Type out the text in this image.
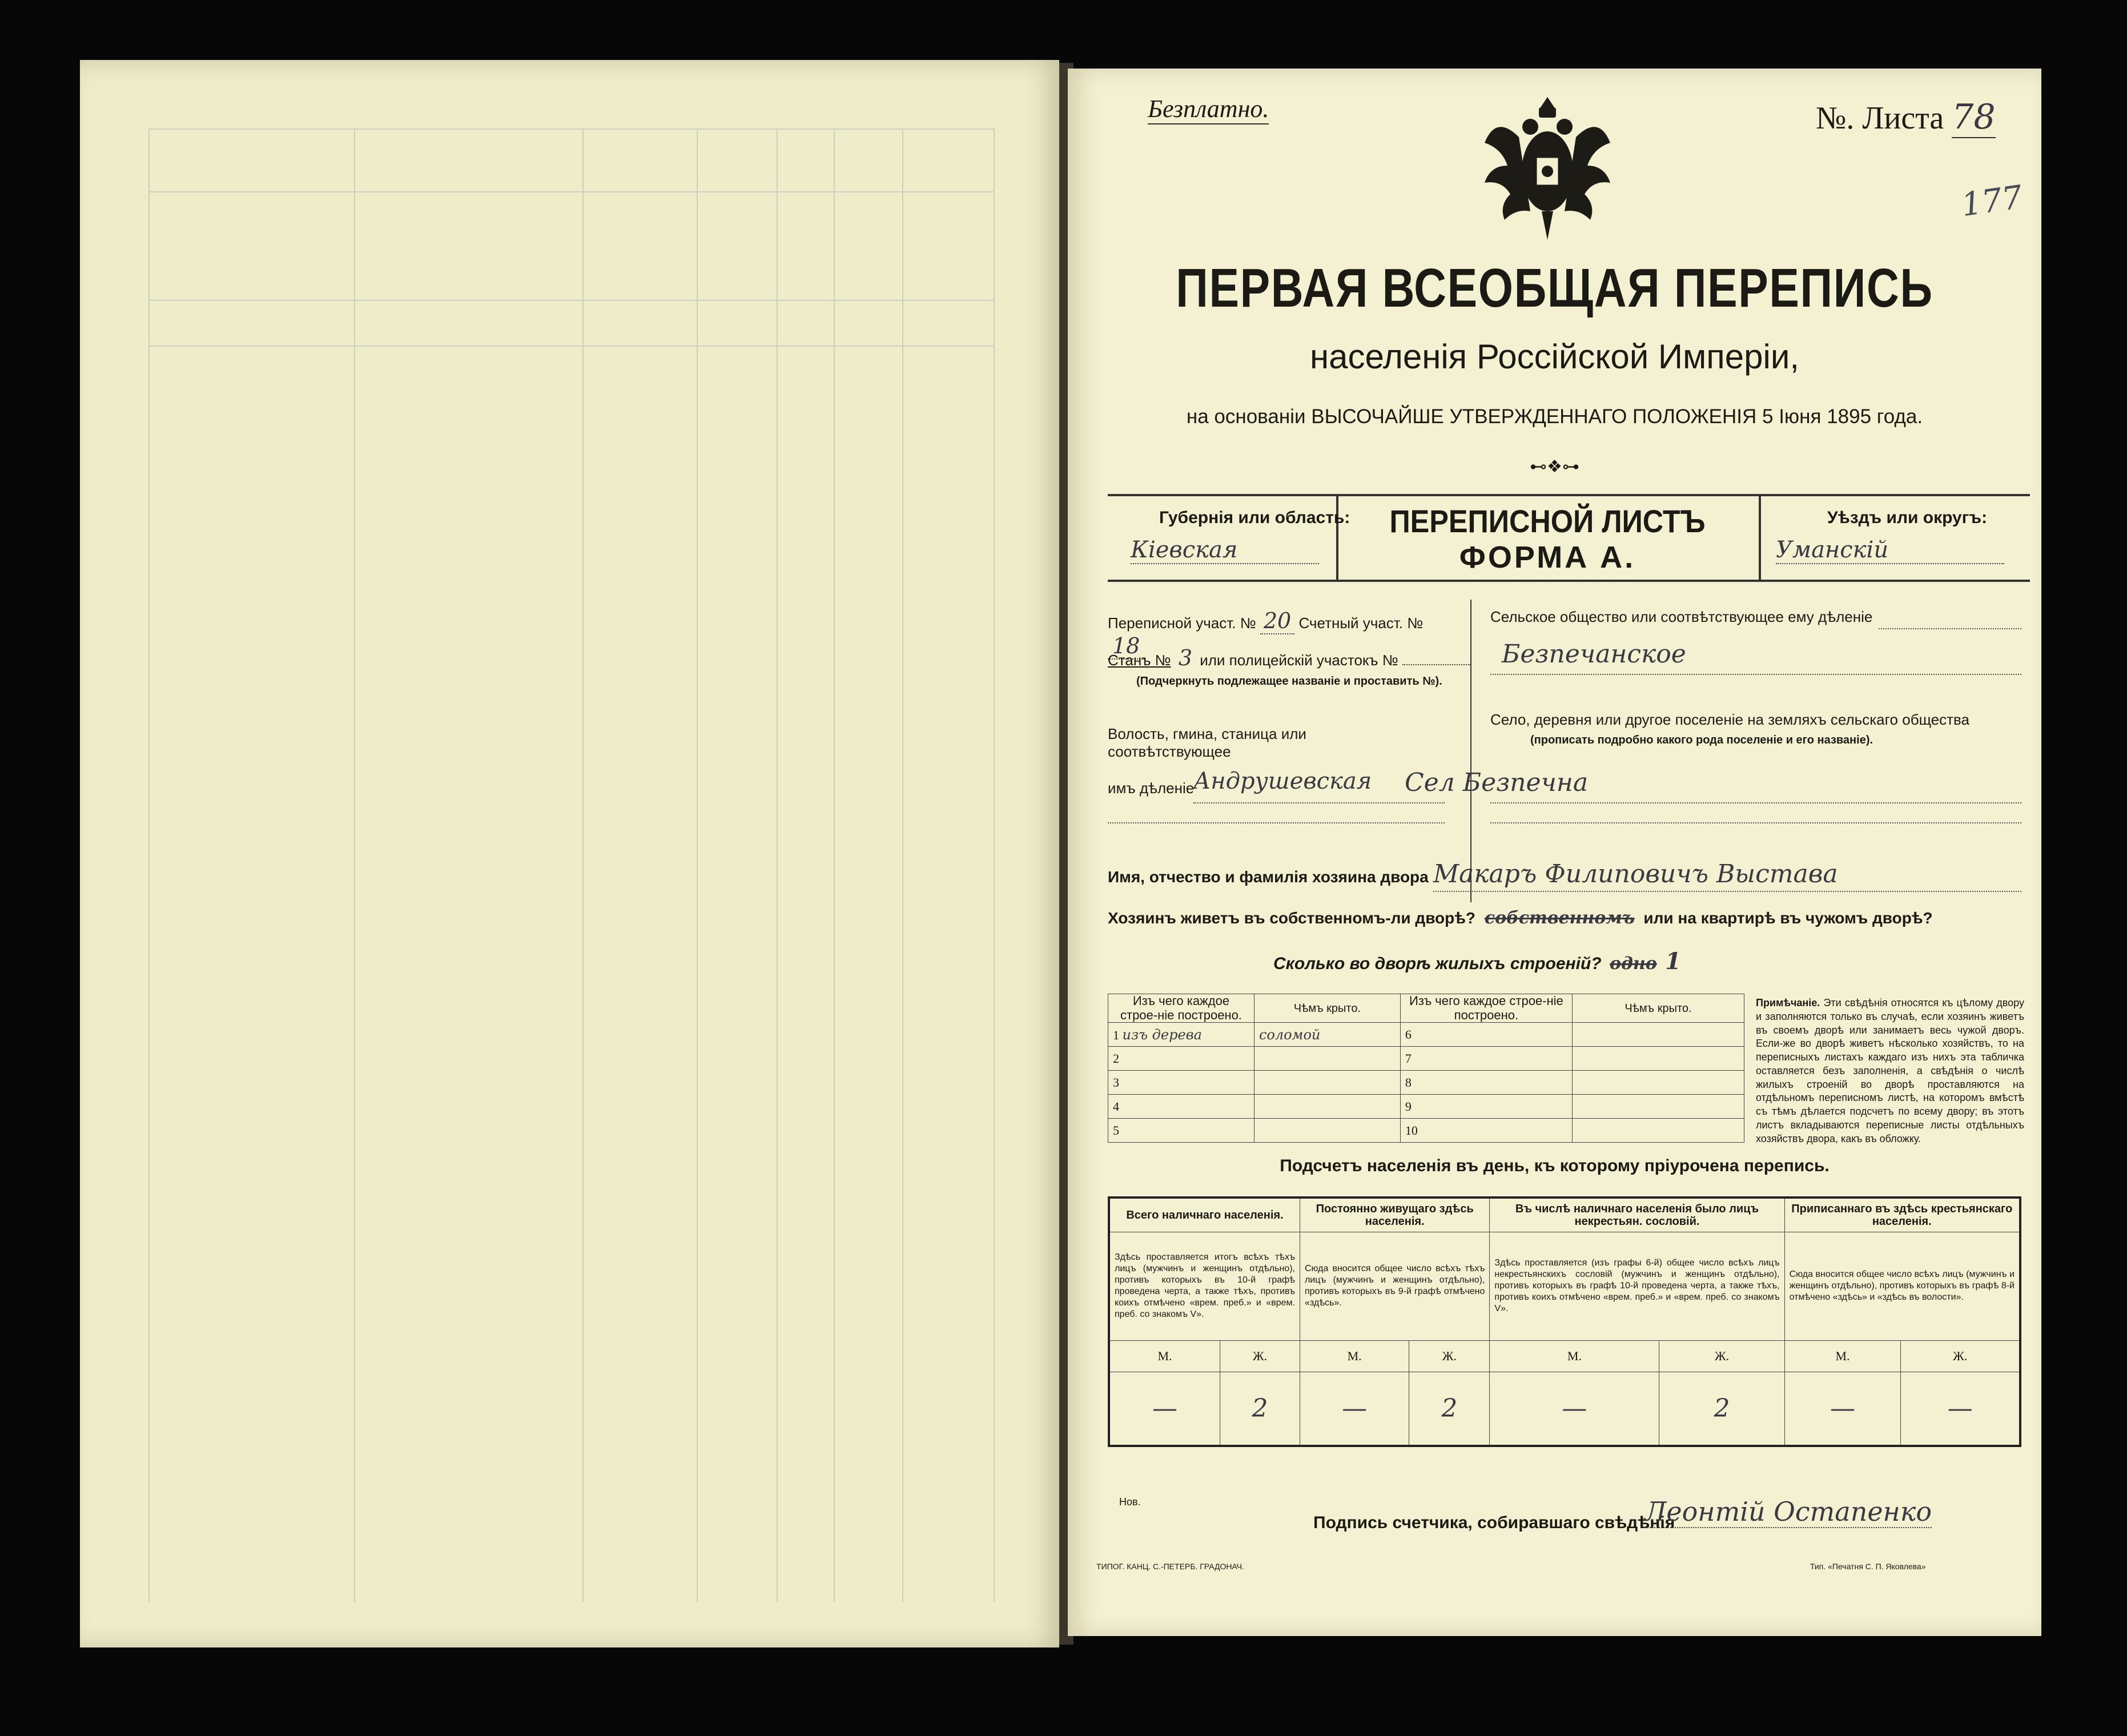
Безплатно.	№. Листа 78
177
ПЕРВАЯ ВСЕОБЩАЯ ПЕРЕПИСЬ
населенія Россійской Имперіи,
на основаніи ВЫСОЧАЙШЕ УТВЕРЖДЕННАГО ПОЛОЖЕНІЯ 5 Іюня 1895 года.
⊷❖⊶
Губернія или область:
Кіевская
ПЕРЕПИСНОЙ ЛИСТЪ
ФОРМА А.
Уѣздъ или округъ:
Уманскій
Переписной участ. № 20 Счетный участ. № 18
Станъ № 3 или полицейскій участокъ №
(Подчеркнуть подлежащее названіе и проставить №).
Волость, гмина, станица или соотвѣтствующее
имъ дѣленіе
Андрушевская
Сельское общество или соотвѣтствующее ему дѣленіе
Безпечанское
Село, деревня или другое поселеніе на земляхъ сельскаго общества
(прописать подробно какого рода поселеніе и его названіе).
Сел Безпечна
Имя, отчество и фамилія хозяина двора Макаръ Филиповичъ Выстава
Хозяинъ живетъ въ собственномъ-ли дворѣ? собственномъ или на квартирѣ въ чужомъ дворѣ?
Сколько во дворѣ жилыхъ строеній? одно 1
Изъ чего каждое строе-ніе построено.	Чѣмъ крыто.	Изъ чего каждое строе-ніе построено.	Чѣмъ крыто.
1 изъ дерева	соломой	6	
2		7	
3		8	
4		9	
5		10	
Примѣчаніе. Эти свѣдѣнія относятся къ цѣлому двору и заполняются только въ случаѣ, если хозяинъ живетъ въ своемъ дворѣ или занимаетъ весь чужой дворъ. Если-же во дворѣ живетъ нѣсколько хозяйствъ, то на переписныхъ листахъ каждаго изъ нихъ эта табличка оставляется безъ заполненія, а свѣдѣнія о числѣ жилыхъ строеній во дворѣ проставляются на отдѣльномъ переписномъ листѣ, на которомъ вмѣстѣ съ тѣмъ дѣлается подсчетъ по всему двору; въ этотъ листъ вкладываются переписные листы отдѣльныхъ хозяйствъ двора, какъ въ обложку.
Подсчетъ населенія въ день, къ которому пріурочена перепись.
Всего наличнаго населенія.		Постоянно живущаго здѣсь населенія.		Въ числѣ наличнаго населенія было лицъ некрестьян. сословій.		Приписаннаго въ здѣсь крестьянскаго населенія.	
Здѣсь проставляется итогъ всѣхъ тѣхъ лицъ (мужчинъ и женщинъ отдѣльно), противъ которыхъ въ 10-й графѣ проведена черта, а также тѣхъ, противъ коихъ отмѣчено «врем. преб.» и «врем. преб. со знакомъ V».		Сюда вносится общее число всѣхъ тѣхъ лицъ (мужчинъ и женщинъ отдѣльно), противъ которыхъ въ 9-й графѣ отмѣчено «здѣсь».		Здѣсь проставляется (изъ графы 6-й) общее число всѣхъ лицъ некрестьянскихъ сословій (мужчинъ и женщинъ отдѣльно), противъ которыхъ въ графѣ 10-й проведена черта, а также тѣхъ, противъ коихъ отмѣчено «врем. преб.» и «врем. преб. со знакомъ V».		Сюда вносится общее число всѣхъ лицъ (мужчинъ и женщинъ отдѣльно), противъ которыхъ въ графѣ 8-й отмѣчено «здѣсь» и «здѣсь въ волости».	
М.	Ж.	М.	Ж.	М.	Ж.	М.	Ж.
—	2	—	2	—	2	—	—
Нов.
Подпись счетчика, собиравшаго свѣдѣнія
Леонтій Остапенко
ТИПОГ. КАНЦ. С.-ПЕТЕРБ. ГРАДОНАЧ.	Тип. «Печатня С. П. Яковлева»
